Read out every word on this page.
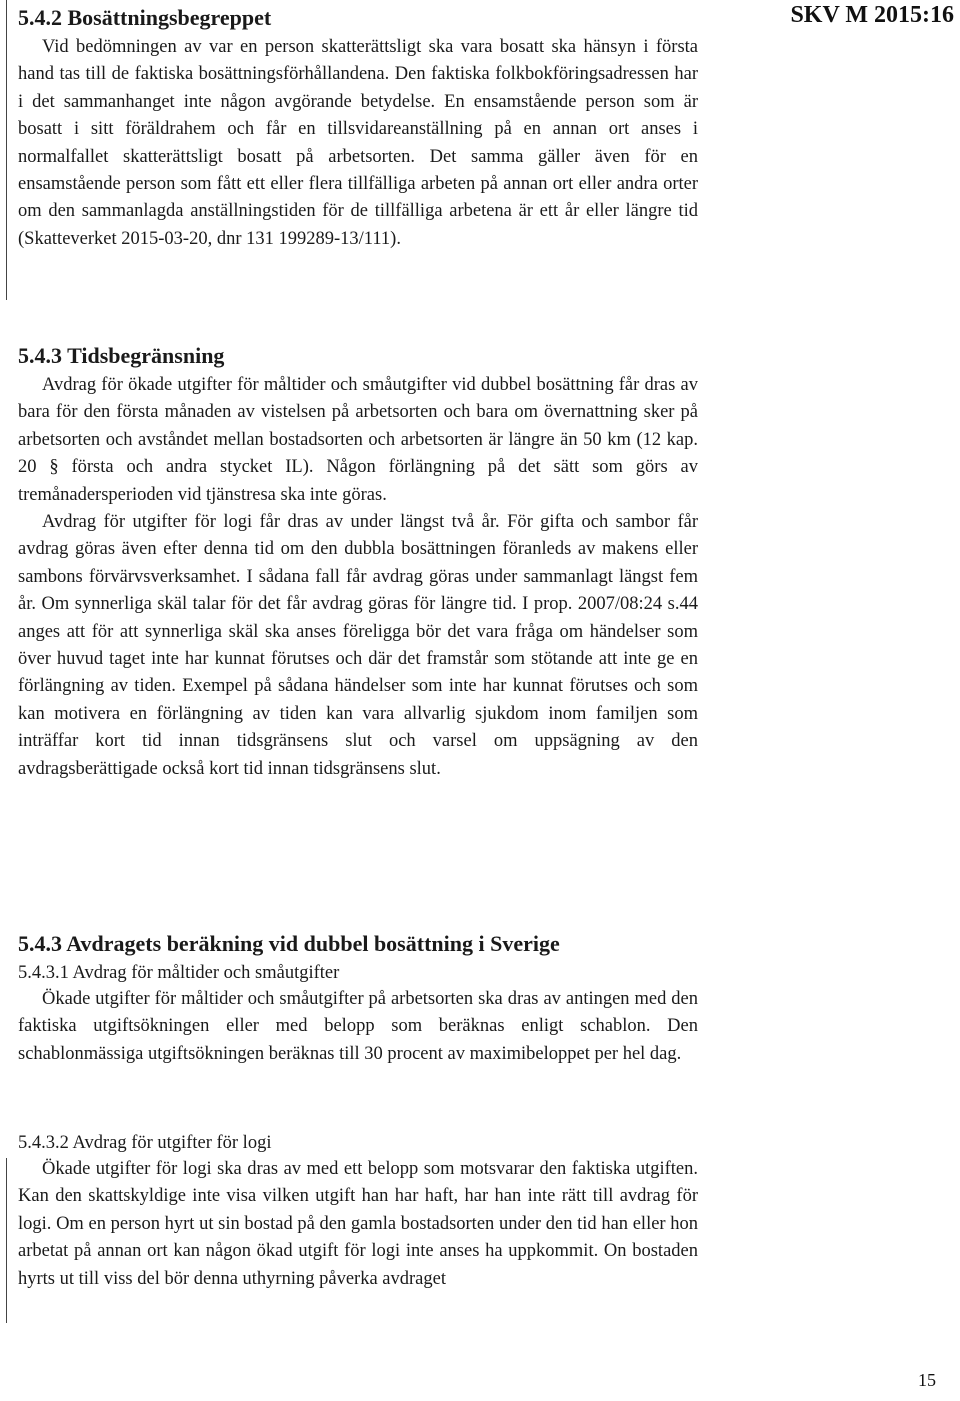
SKV M 2015:16
5.4.2 Bosättningsbegreppet

Vid bedömningen av var en person skatterättsligt ska vara bosatt ska hänsyn i första hand tas till de faktiska bosättningsförhållandena. Den faktiska folkbokföringsadressen har i det sammanhanget inte någon avgörande betydelse. En ensamstående person som är bosatt i sitt föräldrahem och får en tillsvidareanställning på en annan ort anses i normalfallet skatterättsligt bosatt på arbetsorten. Det samma gäller även för en ensamstående person som fått ett eller flera tillfälliga arbeten på annan ort eller andra orter om den sammanlagda anställningstiden för de tillfälliga arbetena är ett år eller längre tid (Skatteverket 2015-03-20, dnr 131 199289-13/111).

5.4.3 Tidsbegränsning

Avdrag för ökade utgifter för måltider och småutgifter vid dubbel bosättning får dras av bara för den första månaden av vistelsen på arbetsorten och bara om övernattning sker på arbetsorten och avståndet mellan bostadsorten och arbetsorten är längre än 50 km (12 kap. 20 § första och andra stycket IL). Någon förlängning på det sätt som görs av tremånadersperioden vid tjänstresa ska inte göras.

Avdrag för utgifter för logi får dras av under längst två år. För gifta och sambor får avdrag göras även efter denna tid om den dubbla bosättningen föranleds av makens eller sambons förvärvsverksamhet. I sådana fall får avdrag göras under sammanlagt längst fem år. Om synnerliga skäl talar för det får avdrag göras för längre tid. I prop. 2007/08:24 s.44 anges att för att synnerliga skäl ska anses föreligga bör det vara fråga om händelser som över huvud taget inte har kunnat förutses och där det framstår som stötande att inte ge en förlängning av tiden. Exempel på sådana händelser som inte har kunnat förutses och som kan motivera en förlängning av tiden kan vara allvarlig sjukdom inom familjen som inträffar kort tid innan tidsgränsens slut och varsel om uppsägning av den avdragsberättigade också kort tid innan tidsgränsens slut.

5.4.3 Avdragets beräkning vid dubbel bosättning i Sverige
5.4.3.1 Avdrag för måltider och småutgifter

Ökade utgifter för måltider och småutgifter på arbetsorten ska dras av antingen med den faktiska utgiftsökningen eller med belopp som beräknas enligt schablon. Den schablonmässiga utgiftsökningen beräknas till 30 procent av maximibeloppet per hel dag.

5.4.3.2 Avdrag för utgifter för logi

Ökade utgifter för logi ska dras av med ett belopp som motsvarar den faktiska utgiften. Kan den skattskyldige inte visa vilken utgift han har haft, har han inte rätt till avdrag för logi. Om en person hyrt ut sin bostad på den gamla bostadsorten under den tid han eller hon arbetat på annan ort kan någon ökad utgift för logi inte anses ha uppkommit. On bostaden hyrts ut till viss del bör denna uthyrning påverka avdraget

15
